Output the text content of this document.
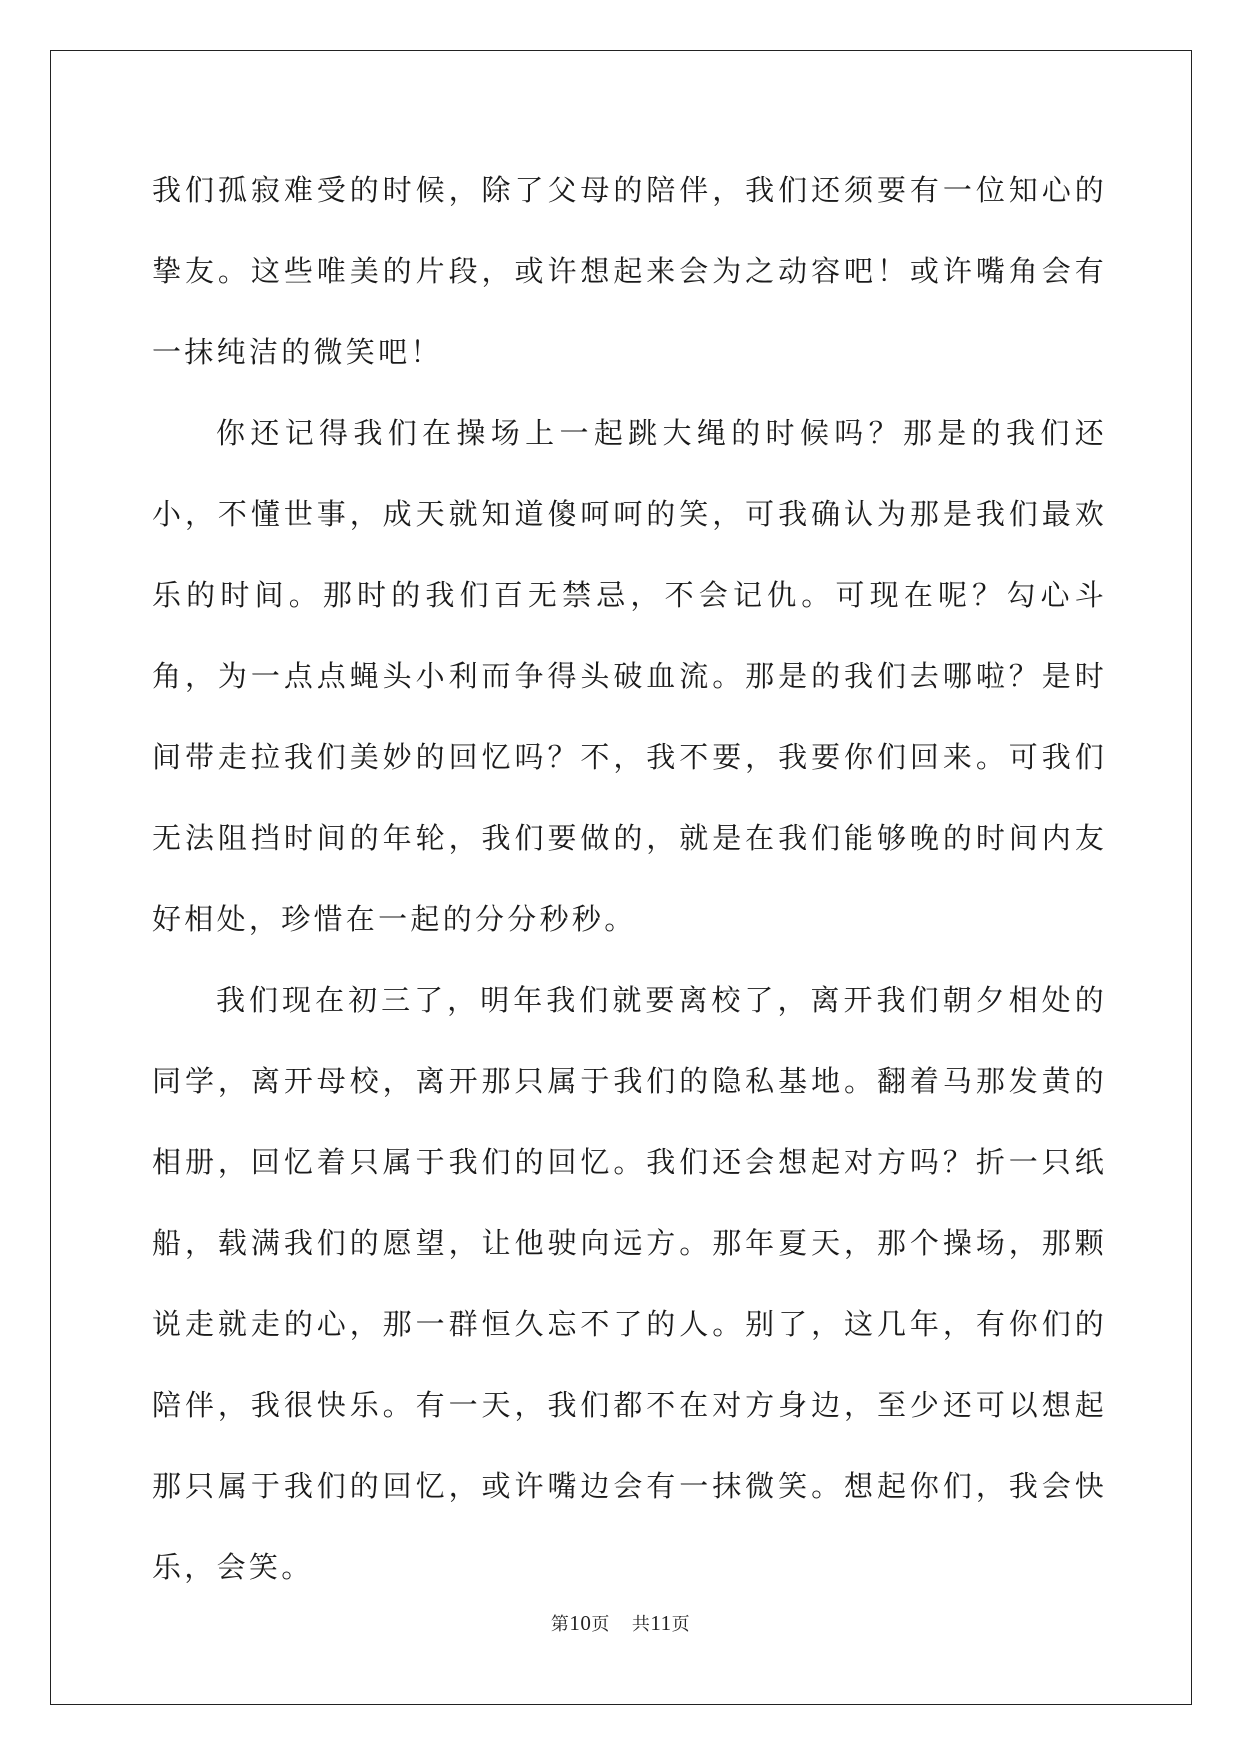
我们孤寂难受的时候，除了父母的陪伴，我们还须要有一位知心的挚友。这些唯美的片段，或许想起来会为之动容吧！或许嘴角会有一抹纯洁的微笑吧！

你还记得我们在操场上一起跳大绳的时候吗？那是的我们还小，不懂世事，成天就知道傻呵呵的笑，可我确认为那是我们最欢乐的时间。那时的我们百无禁忌，不会记仇。可现在呢？勾心斗角，为一点点蝇头小利而争得头破血流。那是的我们去哪啦？是时间带走拉我们美妙的回忆吗？不，我不要，我要你们回来。可我们无法阻挡时间的年轮，我们要做的，就是在我们能够晚的时间内友好相处，珍惜在一起的分分秒秒。

我们现在初三了，明年我们就要离校了，离开我们朝夕相处的同学，离开母校，离开那只属于我们的隐私基地。翻着马那发黄的相册，回忆着只属于我们的回忆。我们还会想起对方吗？折一只纸船，载满我们的愿望，让他驶向远方。那年夏天，那个操场，那颗说走就走的心，那一群恒久忘不了的人。别了，这几年，有你们的陪伴，我很快乐。有一天，我们都不在对方身边，至少还可以想起那只属于我们的回忆，或许嘴边会有一抹微笑。想起你们，我会快乐，会笑。

第10页 共11页
